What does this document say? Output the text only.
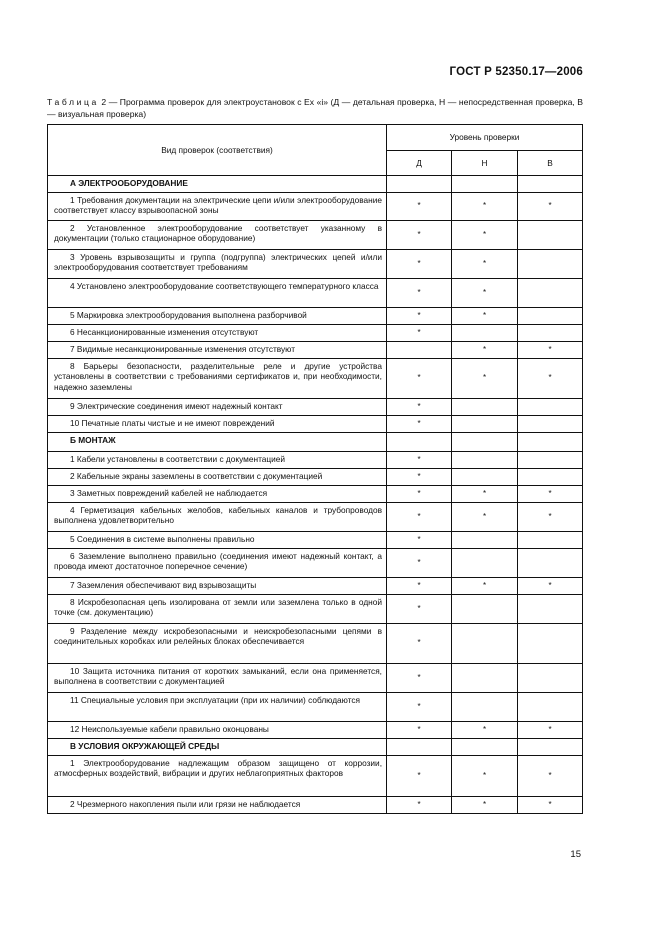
ГОСТ Р 52350.17—2006
Таблица 2 — Программа проверок для электроустановок с Ex «i» (Д — детальная проверка, Н — непосредственная проверка, В — визуальная проверка)
Вид проверок (соответствия)	Уровень проверки		
	Д	Н	В
А ЭЛЕКТРООБОРУДОВАНИЕ			
1 Требования документации на электрические цепи и/или электрооборудование соответствует классу взрывоопасной зоны	*	*	*
2 Установленное электрооборудование соответствует указанному в документации (только стационарное оборудование)	*	*	
3 Уровень взрывозащиты и группа (подгруппа) электрических цепей и/или электрооборудования соответствует требованиям	*	*	
4 Установлено электрооборудование соответствующего температурного класса	*	*	
5 Маркировка электрооборудования выполнена разборчивой	*	*	
6 Несанкционированные изменения отсутствуют	*		
7 Видимые несанкционированные изменения отсутствуют		*	*
8 Барьеры безопасности, разделительные реле и другие устройства установлены в соответствии с требованиями сертификатов и, при необходимости, надежно заземлены	*	*	*
9 Электрические соединения имеют надежный контакт	*		
10 Печатные платы чистые и не имеют повреждений	*		
Б МОНТАЖ			
1 Кабели установлены в соответствии с документацией	*		
2 Кабельные экраны заземлены в соответствии с документацией	*		
3 Заметных повреждений кабелей не наблюдается	*	*	*
4 Герметизация кабельных желобов, кабельных каналов и трубопроводов выполнена удовлетворительно	*	*	*
5 Соединения в системе выполнены правильно	*		
6 Заземление выполнено правильно (соединения имеют надежный контакт, а провода имеют достаточное поперечное сечение)	*		
7 Заземления обеспечивают вид взрывозащиты	*	*	*
8 Искробезопасная цепь изолирована от земли или заземлена только в одной точке (см. документацию)	*		
9 Разделение между искробезопасными и неискробезопасными цепями в соединительных коробках или релейных блоках обеспечивается	*		
10 Защита источника питания от коротких замыканий, если она применяется, выполнена в соответствии с документацией	*		
11 Специальные условия при эксплуатации (при их наличии) соблюдаются	*		
12 Неиспользуемые кабели правильно оконцованы	*	*	*
В УСЛОВИЯ ОКРУЖАЮЩЕЙ СРЕДЫ			
1 Электрооборудование надлежащим образом защищено от коррозии, атмосферных воздействий, вибрации и других неблагоприятных факторов	*	*	*
2 Чрезмерного накопления пыли или грязи не наблюдается	*	*	*
15
